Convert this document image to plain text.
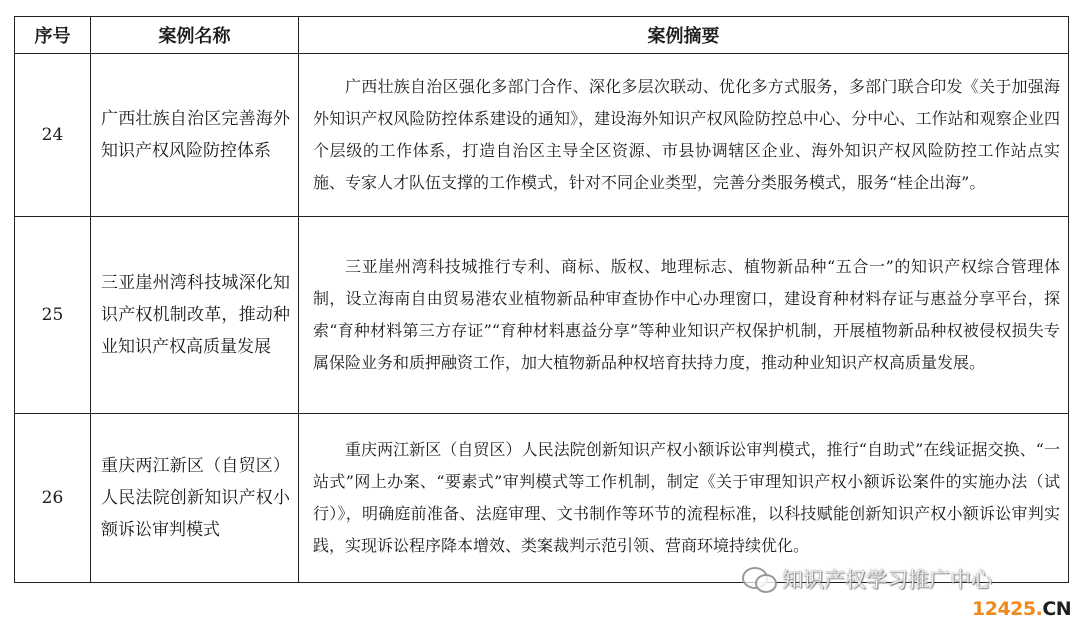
序号	案例名称	案例摘要
24	广西壮族自治区完善海外知识产权风险防控体系	广西壮族自治区强化多部门合作、深化多层次联动、优化多方式服务，多部门联合印发《关于加强海外知识产权风险防控体系建设的通知》，建设海外知识产权风险防控总中心、分中心、工作站和观察企业四个层级的工作体系，打造自治区主导全区资源、市县协调辖区企业、海外知识产权风险防控工作站点实施、专家人才队伍支撑的工作模式，针对不同企业类型，完善分类服务模式，服务“桂企出海”。
25	三亚崖州湾科技城深化知识产权机制改革，推动种业知识产权高质量发展	三亚崖州湾科技城推行专利、商标、版权、地理标志、植物新品种“五合一”的知识产权综合管理体制，设立海南自由贸易港农业植物新品种审查协作中心办理窗口，建设育种材料存证与惠益分享平台，探索“育种材料第三方存证”“育种材料惠益分享”等种业知识产权保护机制，开展植物新品种权被侵权损失专属保险业务和质押融资工作，加大植物新品种权培育扶持力度，推动种业知识产权高质量发展。
26	重庆两江新区（自贸区）人民法院创新知识产权小额诉讼审判模式	重庆两江新区（自贸区）人民法院创新知识产权小额诉讼审判模式，推行“自助式”在线证据交换、“一站式”网上办案、“要素式”审判模式等工作机制，制定《关于审理知识产权小额诉讼案件的实施办法（试行）》，明确庭前准备、法庭审理、文书制作等环节的流程标准，以科技赋能创新知识产权小额诉讼审判实践，实现诉讼程序降本增效、类案裁判示范引领、营商环境持续优化。
知识产权学习推广中心
12425.CN
